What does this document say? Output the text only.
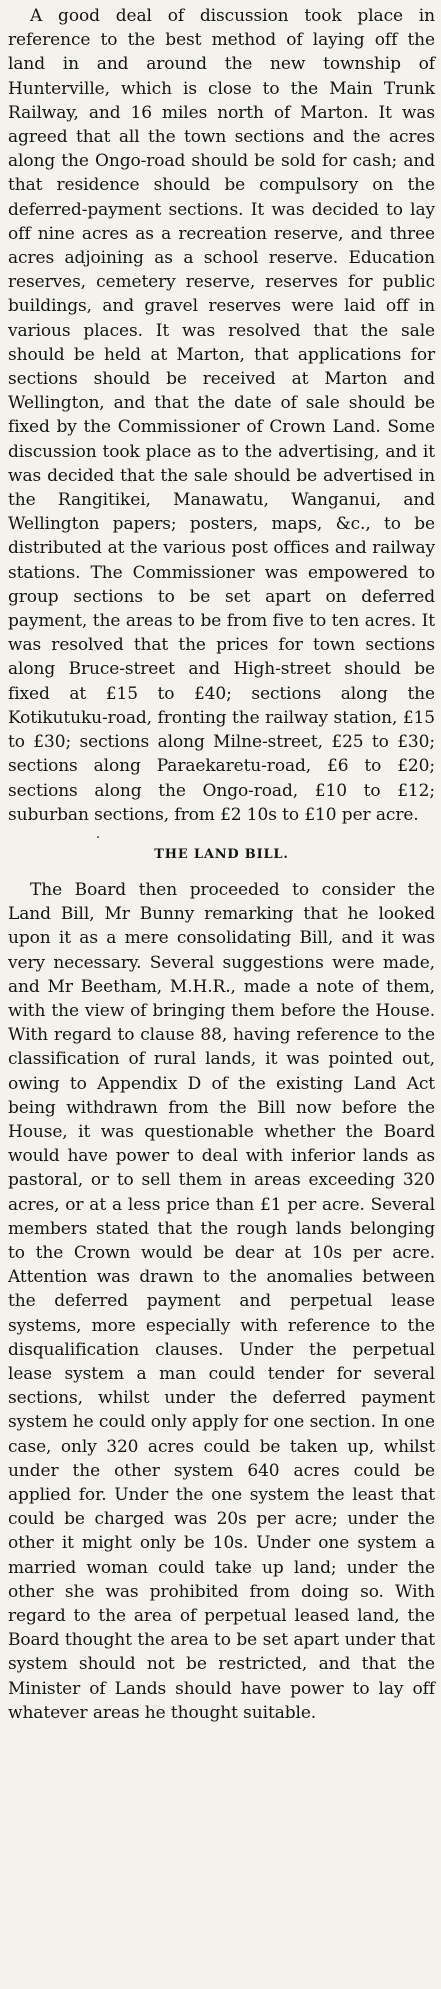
A good deal of discussion took place in reference to the best method of laying off the land in and around the new township of Hunterville, which is close to the Main Trunk Railway, and 16 miles north of Marton. It was agreed that all the town sections and the acres along the Ongo-road should be sold for cash; and that residence should be compulsory on the deferred-payment sections. It was decided to lay off nine acres as a recreation reserve, and three acres adjoining as a school reserve. Education reserves, cemetery reserve, reserves for public buildings, and gravel reserves were laid off in various places. It was resolved that the sale should be held at Marton, that applications for sections should be received at Marton and Wellington, and that the date of sale should be fixed by the Commissioner of Crown Land. Some discussion took place as to the advertising, and it was decided that the sale should be advertised in the Rangitikei, Manawatu, Wanganui, and Wellington papers; posters, maps, &c., to be distributed at the various post offices and railway stations. The Commissioner was empowered to group sections to be set apart on deferred payment, the areas to be from five to ten acres. It was resolved that the prices for town sections along Bruce-street and High-street should be fixed at £15 to £40; sections along the Kotikutuku-road, fronting the railway station, £15 to £30; sections along Milne-street, £25 to £30; sections along Paraekaretu-road, £6 to £20; sections along the Ongo-road, £10 to £12; suburban sections, from £2 10s to £10 per acre.

.
THE LAND BILL.

The Board then proceeded to consider the Land Bill, Mr Bunny remarking that he looked upon it as a mere consolidating Bill, and it was very necessary. Several suggestions were made, and Mr Beetham, M.H.R., made a note of them, with the view of bringing them before the House. With regard to clause 88, having reference to the classification of rural lands, it was pointed out, owing to Appendix D of the existing Land Act being withdrawn from the Bill now before the House, it was questionable whether the Board would have power to deal with inferior lands as pastoral, or to sell them in areas exceeding 320 acres, or at a less price than £1 per acre. Several members stated that the rough lands belonging to the Crown would be dear at 10s per acre. Attention was drawn to the anomalies between the deferred payment and perpetual lease systems, more especially with reference to the disqualification clauses. Under the perpetual lease system a man could tender for several sections, whilst under the deferred payment system he could only apply for one section. In one case, only 320 acres could be taken up, whilst under the other system 640 acres could be applied for. Under the one system the least that could be charged was 20s per acre; under the other it might only be 10s. Under one system a married woman could take up land; under the other she was prohibited from doing so. With regard to the area of perpetual leased land, the Board thought the area to be set apart under that system should not be restricted, and that the Minister of Lands should have power to lay off whatever areas he thought suitable.
